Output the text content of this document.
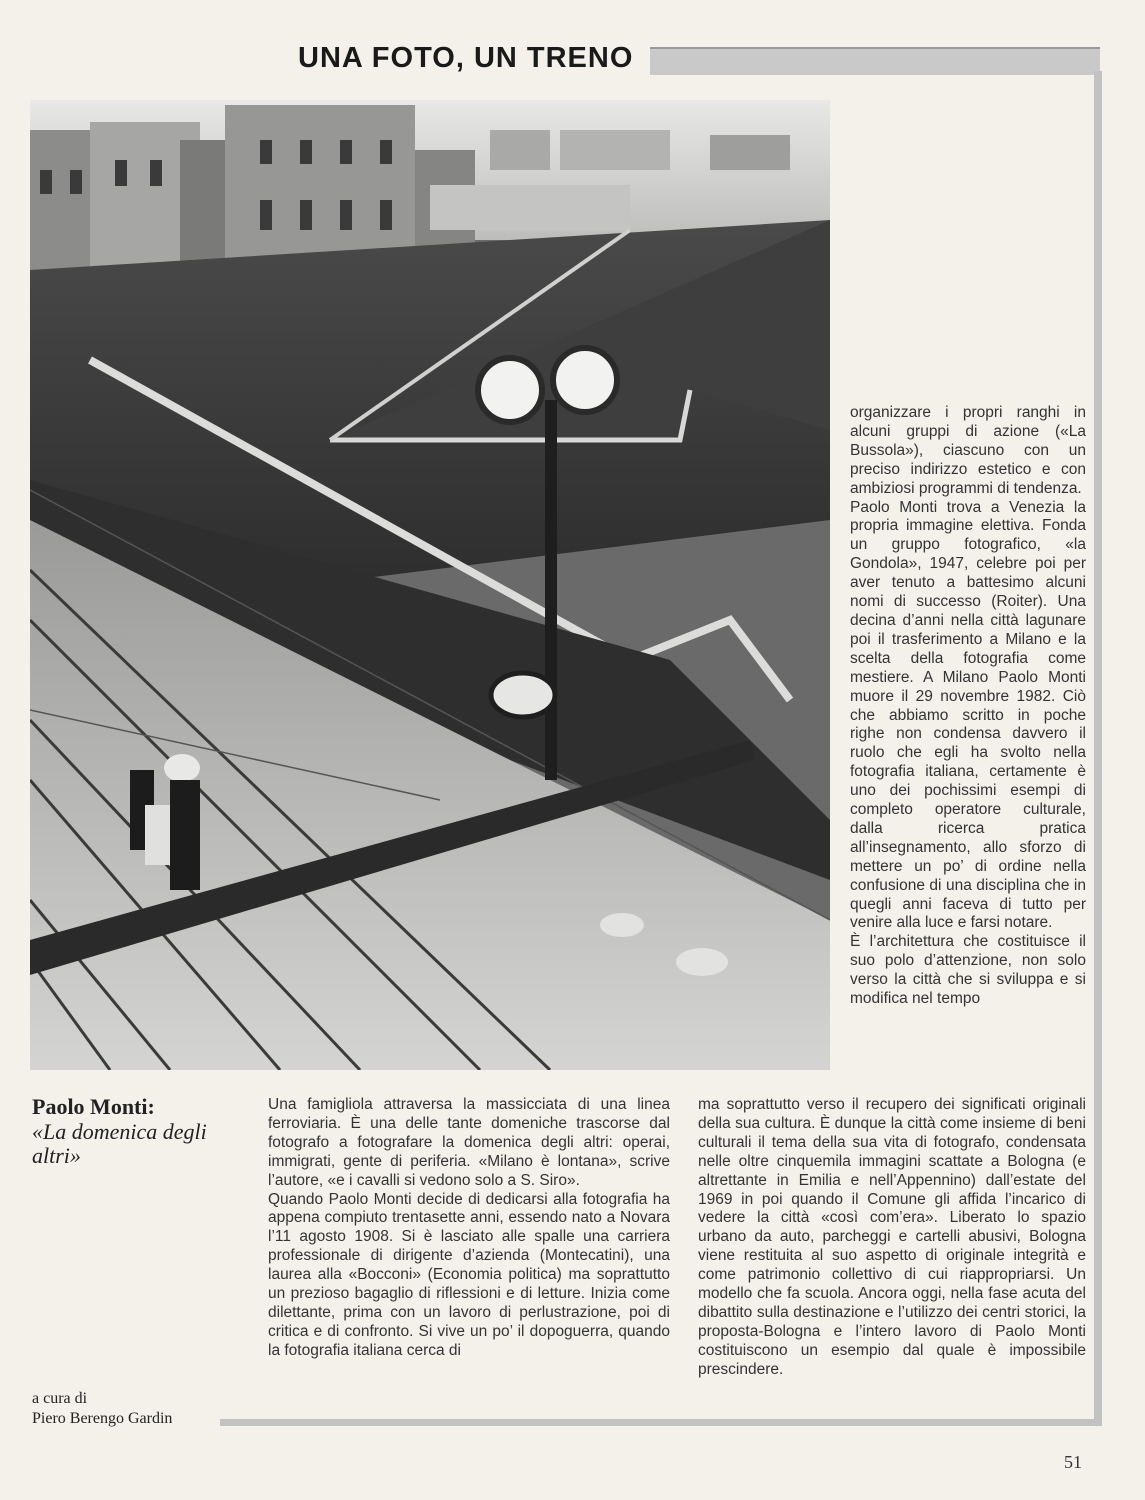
UNA FOTO, UN TRENO

organizzare i propri ranghi in alcuni gruppi di azione («La Bussola»), ciascuno con un preciso indirizzo estetico e con ambiziosi programmi di tendenza.

Paolo Monti trova a Venezia la propria immagine elettiva. Fonda un gruppo fotografico, «la Gondola», 1947, celebre poi per aver tenuto a battesimo alcuni nomi di successo (Roiter). Una decina d’anni nella città lagunare poi il trasferimento a Milano e la scelta della fotografia come mestiere. A Milano Paolo Monti muore il 29 novembre 1982. Ciò che abbiamo scritto in poche righe non condensa davvero il ruolo che egli ha svolto nella fotografia italiana, certamente è uno dei pochissimi esempi di completo operatore culturale, dalla ricerca pratica all’insegnamento, allo sforzo di mettere un po’ di ordine nella confusione di una disciplina che in quegli anni faceva di tutto per venire alla luce e farsi notare.

È l’architettura che costituisce il suo polo d’attenzione, non solo verso la città che si sviluppa e si modifica nel tempo

Paolo Monti:
«La domenica degli altri»

Una famigliola attraversa la massicciata di una linea ferroviaria. È una delle tante domeniche trascorse dal fotografo a fotografare la domenica degli altri: operai, immigrati, gente di periferia. «Milano è lontana», scrive l’autore, «e i cavalli si vedono solo a S. Siro».

Quando Paolo Monti decide di dedicarsi alla fotografia ha appena compiuto trentasette anni, essendo nato a Novara l’11 agosto 1908. Si è lasciato alle spalle una carriera professionale di dirigente d’azienda (Montecatini), una laurea alla «Bocconi» (Economia politica) ma soprattutto un prezioso bagaglio di riflessioni e di letture. Inizia come dilettante, prima con un lavoro di perlustrazione, poi di critica e di confronto. Si vive un po’ il dopoguerra, quando la fotografia italiana cerca di

ma soprattutto verso il recupero dei significati originali della sua cultura. È dunque la città come insieme di beni culturali il tema della sua vita di fotografo, condensata nelle oltre cinquemila immagini scattate a Bologna (e altrettante in Emilia e nell’Appennino) dall’estate del 1969 in poi quando il Comune gli affida l’incarico di vedere la città «così com’era». Liberato lo spazio urbano da auto, parcheggi e cartelli abusivi, Bologna viene restituita al suo aspetto di originale integrità e come patrimonio collettivo di cui riappropriarsi. Un modello che fa scuola. Ancora oggi, nella fase acuta del dibattito sulla destinazione e l’utilizzo dei centri storici, la proposta-Bologna e l’intero lavoro di Paolo Monti costituiscono un esempio dal quale è impossibile prescindere.

a cura di
Piero Berengo Gardin
51
